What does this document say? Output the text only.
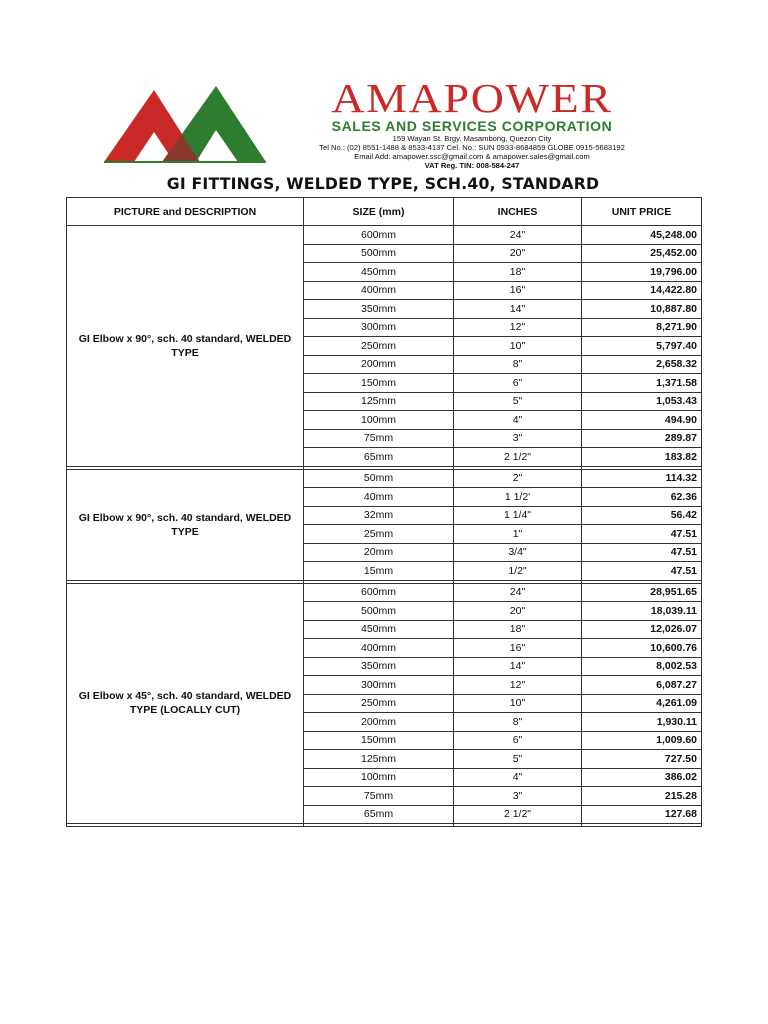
AMAPOWER
SALES AND SERVICES CORPORATION
159 Wayan St. Brgy. Masambong, Quezon City
Tel No.: (02) 8551-1488 & 8533-4137 Cel. No.: SUN 0933-8684859 GLOBE 0915-5683192
Email Add: amapower.ssc@gmail.com & amapower.sales@gmail.com
VAT Reg. TIN: 008-584-247
GI FITTINGS, WELDED TYPE, SCH.40, STANDARD
PICTURE and DESCRIPTION	SIZE (mm)	INCHES	UNIT PRICE
GI Elbow x 90°, sch. 40 standard, WELDED TYPE	600mm	24"	45,248.00
	500mm	20"	25,452.00
	450mm	18"	19,796.00
	400mm	16"	14,422.80
	350mm	14"	10,887.80
	300mm	12"	8,271.90
	250mm	10"	5,797.40
	200mm	8"	2,658.32
	150mm	6"	1,371.58
	125mm	5"	1,053.43
	100mm	4"	494.90
	75mm	3"	289.87
	65mm	2 1/2"	183.82

GI Elbow x 90°, sch. 40 standard, WELDED TYPE	50mm	2"	114.32
	40mm	1 1/2'	62.36
	32mm	1 1/4"	56.42
	25mm	1"	47.51
	20mm	3/4"	47.51
	15mm	1/2"	47.51

GI Elbow x 45°, sch. 40 standard, WELDED TYPE (LOCALLY CUT)	600mm	24"	28,951.65
	500mm	20"	18,039.11
	450mm	18"	12,026.07
	400mm	16"	10,600.76
	350mm	14"	8,002.53
	300mm	12"	6,087.27
	250mm	10"	4,261.09
	200mm	8"	1,930.11
	150mm	6"	1,009.60
	125mm	5"	727.50
	100mm	4"	386.02
	75mm	3"	215.28
	65mm	2 1/2"	127.68
